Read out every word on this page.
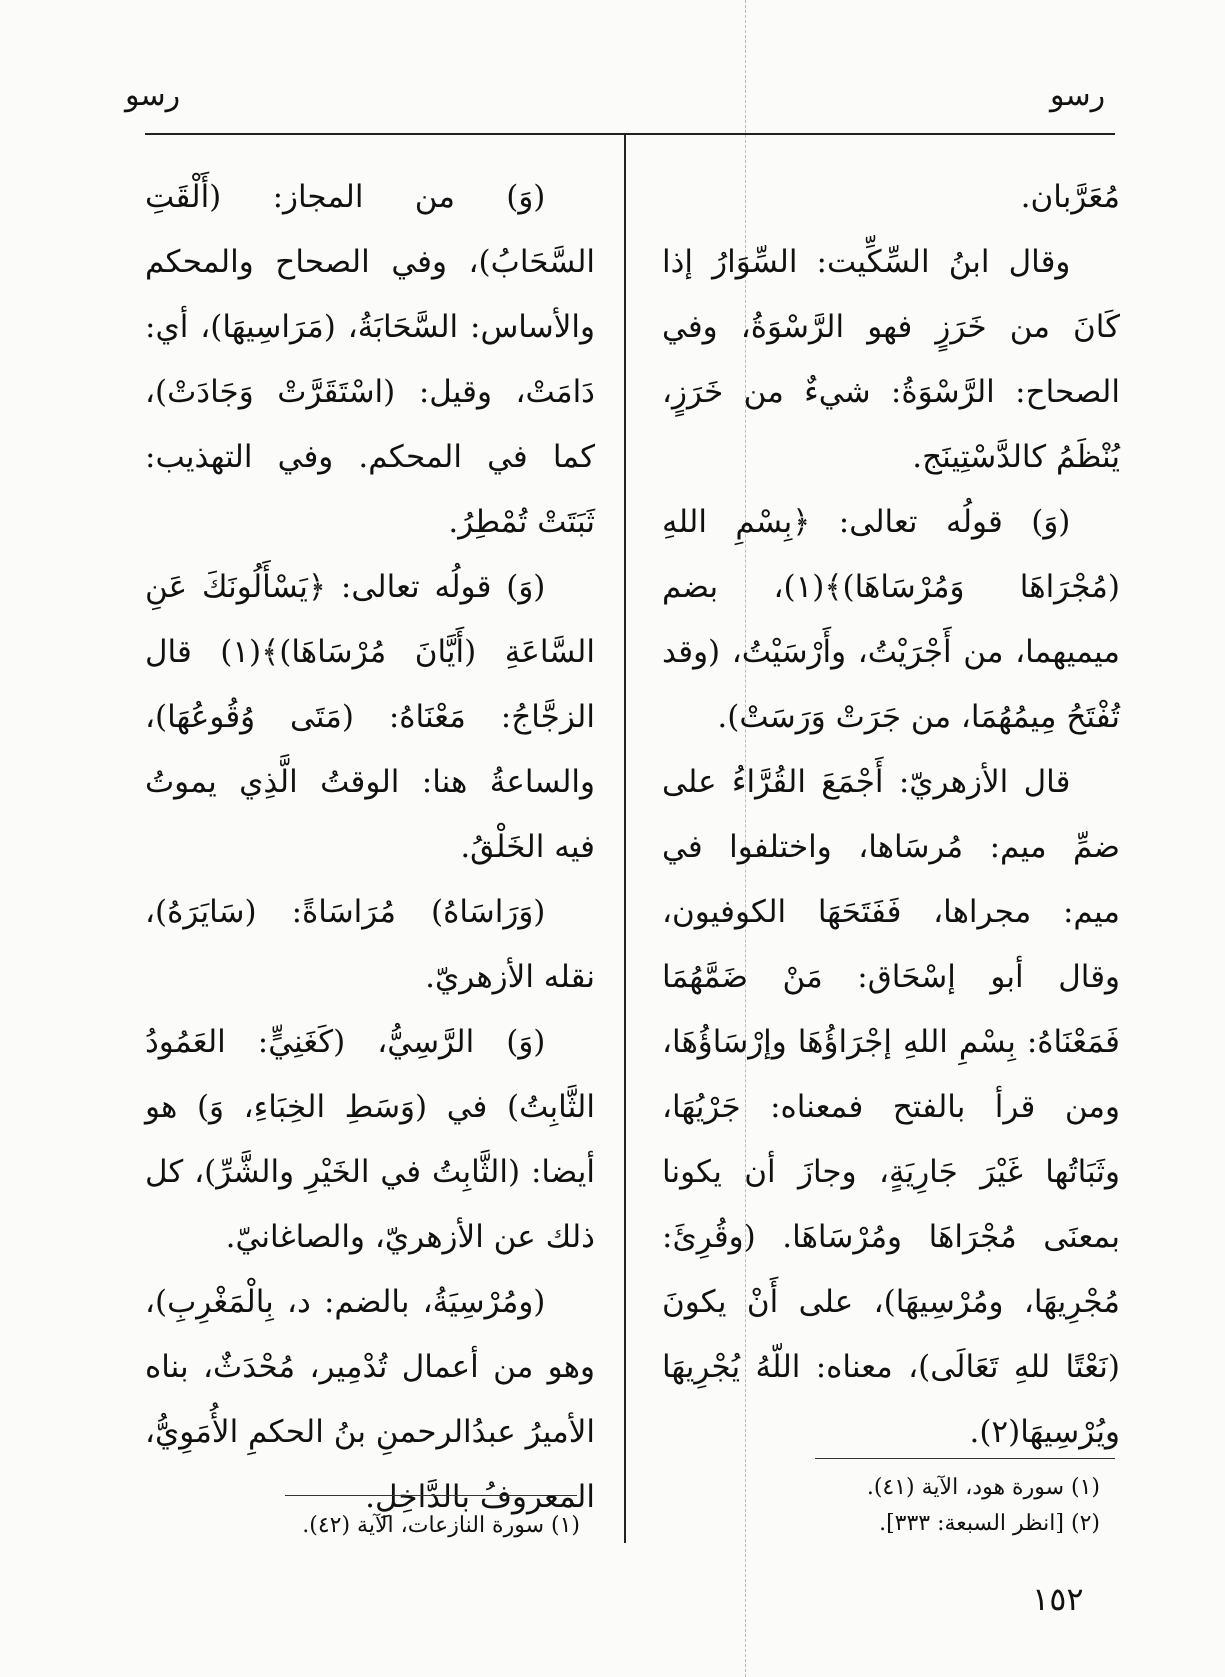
رسو
رسو

مُعَرَّبان.

وقال ابنُ السِّكِّيت: السِّوَارُ إذا كَانَ من خَرَزٍ فهو الرَّسْوَةُ، وفي الصحاح: الرَّسْوَةُ: شيءٌ من خَرَزٍ، يُنْظَمُ كالدَّسْتِينَج.

(وَ) قولُه تعالى: ﴿بِسْمِ اللهِ (مُجْرَاهَا وَمُرْسَاهَا)﴾(١)، بضم ميميهما، من أَجْرَيْتُ، وأَرْسَيْتُ، (وقد تُفْتَحُ مِيمُهُمَا، من جَرَتْ وَرَسَتْ).

قال الأزهريّ: أَجْمَعَ القُرَّاءُ على ضمِّ ميم: مُرسَاها، واختلفوا في ميم: مجراها، فَفَتَحَهَا الكوفيون، وقال أبو إسْحَاق: مَنْ ضَمَّهُمَا فَمَعْنَاهُ: بِسْمِ اللهِ إجْرَاؤُهَا وإرْسَاؤُهَا، ومن قرأ بالفتح فمعناه: جَرْيُهَا، وثَبَاتُها غَيْرَ جَارِيَةٍ، وجازَ أن يكونا بمعنَى مُجْرَاهَا ومُرْسَاهَا. (وقُرِئَ: مُجْرِيهَا، ومُرْسِيهَا)، على أَنْ يكونَ (نَعْتًا للهِ تَعَالَى)، معناه: اللّهُ يُجْرِيهَا ويُرْسِيهَا(٢).

(وَ) من المجاز: (أَلْقَتِ السَّحَابُ)، وفي الصحاح والمحكم والأساس: السَّحَابَةُ، (مَرَاسِيهَا)، أي: دَامَتْ، وقيل: (اسْتَقَرَّتْ وَجَادَتْ)، كما في المحكم. وفي التهذيب: ثَبَتَتْ تُمْطِرُ.

(وَ) قولُه تعالى: ﴿يَسْأَلُونَكَ عَنِ السَّاعَةِ (أَيَّانَ مُرْسَاهَا)﴾(١) قال الزجَّاجُ: مَعْنَاهُ: (مَتَى وُقُوعُهَا)، والساعةُ هنا: الوقتُ الَّذِي يموتُ فيه الخَلْقُ.

(وَرَاسَاهُ) مُرَاسَاةً: (سَايَرَهُ)، نقله الأزهريّ.

(وَ) الرَّسِيُّ، (كَغَنِيٍّ: العَمُودُ الثَّابِتُ) في (وَسَطِ الخِبَاءِ، وَ) هو أيضا: (الثَّابِتُ في الخَيْرِ والشَّرِّ)، كل ذلك عن الأزهريّ، والصاغانيّ.

(ومُرْسِيَةُ، بالضم: د، بِالْمَغْرِبِ)، وهو من أعمال تُدْمِير، مُحْدَثٌ، بناه الأميرُ عبدُالرحمنِ بنُ الحكمِ الأُمَوِيُّ، المعروفُ بالدَّاخِلِ.	(١) سورة هود، الآية (٤١).
(٢) [انظر السبعة: ٣٣٣].
(١) سورة النازعات، الآية (٤٢).
١٥٢
